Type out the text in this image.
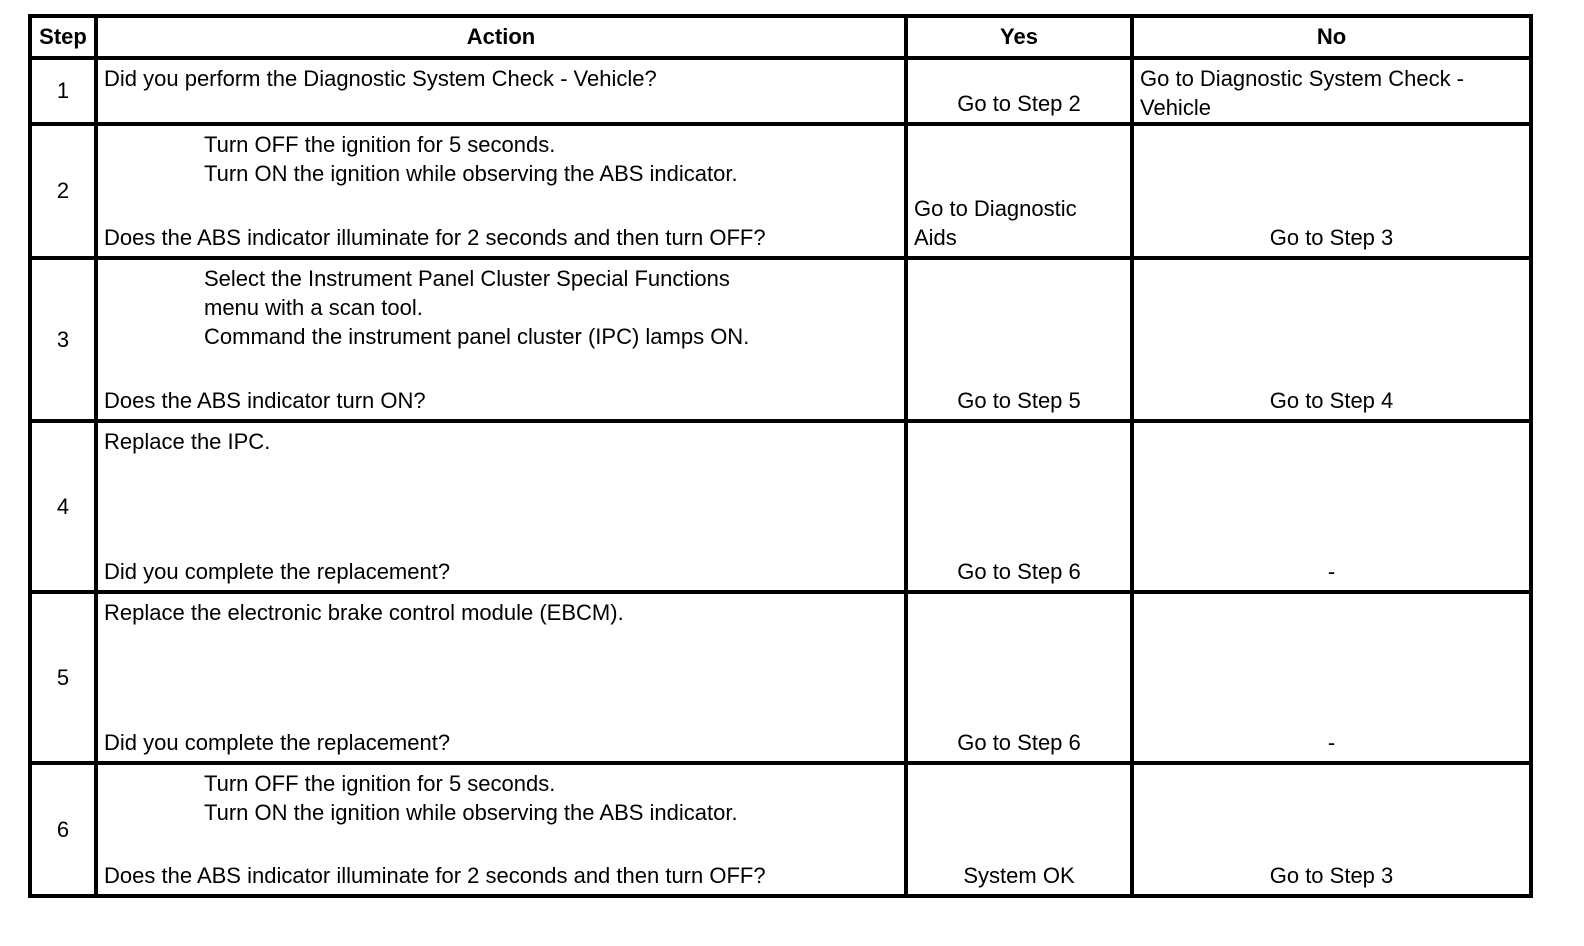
Step	Action	Yes	No
1	Did you perform the Diagnostic System Check - Vehicle?	Go to Step 2	Go to Diagnostic System Check - Vehicle

2	Turn OFF the ignition for 5 seconds.
Turn ON the ignition while observing the ABS indicator.
Does the ABS indicator illuminate for 2 seconds and then turn OFF?	Go to Diagnostic Aids	Go to Step 3

3	Select the Instrument Panel Cluster Special Functions menu with a scan tool.
Command the instrument panel cluster (IPC) lamps ON.
Does the ABS indicator turn ON?	Go to Step 5	Go to Step 4

4	Replace the IPC.
Did you complete the replacement?	Go to Step 6	-

5	Replace the electronic brake control module (EBCM).
Did you complete the replacement?	Go to Step 6	-

6	Turn OFF the ignition for 5 seconds.
Turn ON the ignition while observing the ABS indicator.
Does the ABS indicator illuminate for 2 seconds and then turn OFF?	System OK	Go to Step 3
